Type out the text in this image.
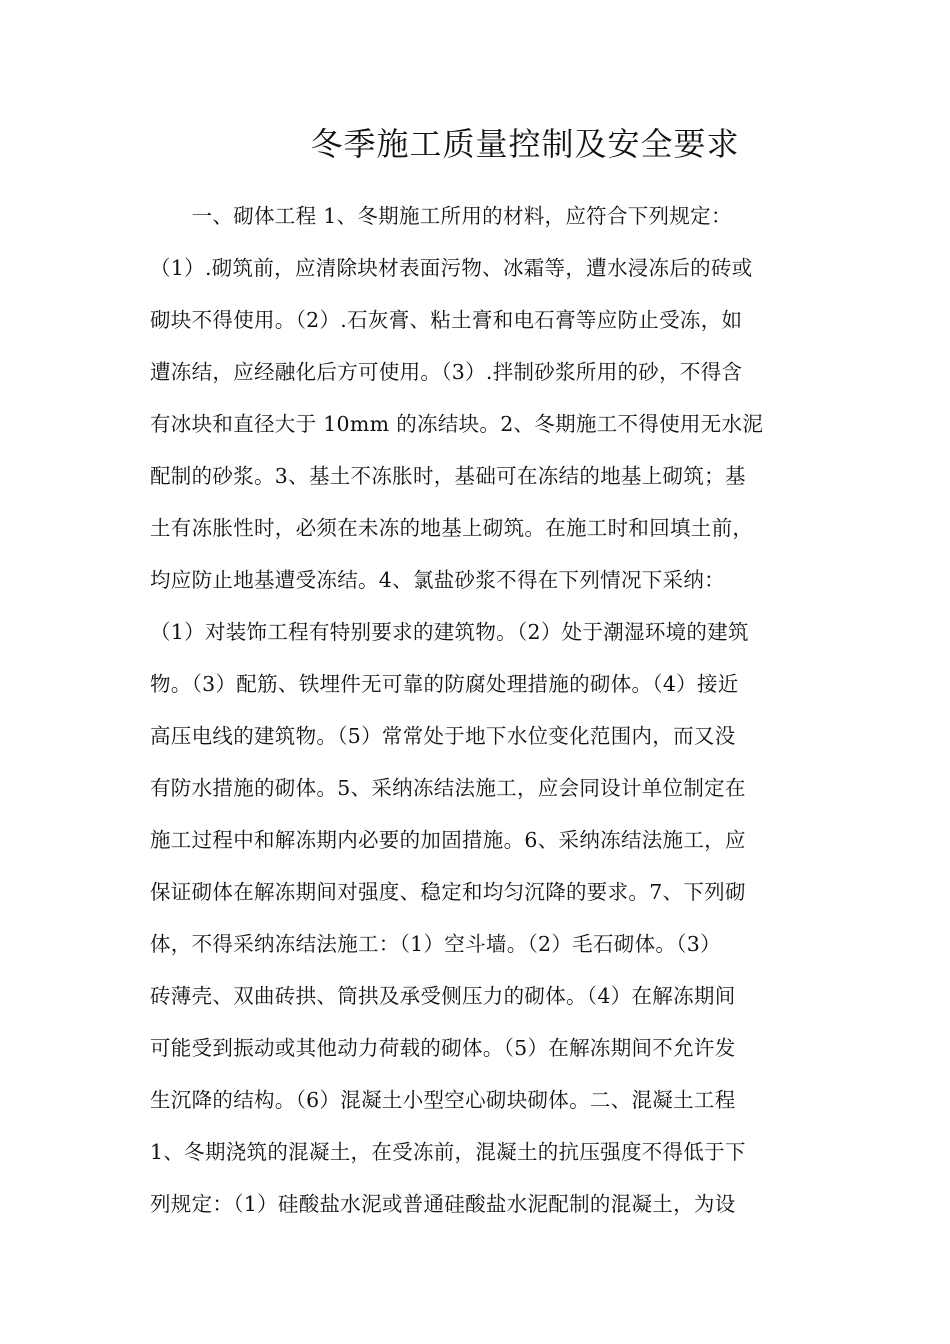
冬季施工质量控制及安全要求
　　一、砌体工程 1、冬期施工所用的材料，应符合下列规定：
（1）.砌筑前，应清除块材表面污物、冰霜等，遭水浸冻后的砖或
砌块不得使用。（2）.石灰膏、粘土膏和电石膏等应防止受冻，如
遭冻结，应经融化后方可使用。（3）.拌制砂浆所用的砂，不得含
有冰块和直径大于 10mm 的冻结块。2、冬期施工不得使用无水泥
配制的砂浆。3、基土不冻胀时，基础可在冻结的地基上砌筑；基
土有冻胀性时，必须在未冻的地基上砌筑。在施工时和回填土前，
均应防止地基遭受冻结。4、氯盐砂浆不得在下列情况下采纳：
（1）对装饰工程有特别要求的建筑物。（2）处于潮湿环境的建筑
物。（3）配筋、铁埋件无可靠的防腐处理措施的砌体。（4）接近
高压电线的建筑物。（5）常常处于地下水位变化范围内，而又没
有防水措施的砌体。5、采纳冻结法施工，应会同设计单位制定在
施工过程中和解冻期内必要的加固措施。6、采纳冻结法施工，应
保证砌体在解冻期间对强度、稳定和均匀沉降的要求。7、下列砌
体，不得采纳冻结法施工：（1）空斗墙。（2）毛石砌体。（3）
砖薄壳、双曲砖拱、筒拱及承受侧压力的砌体。（4）在解冻期间
可能受到振动或其他动力荷载的砌体。（5）在解冻期间不允许发
生沉降的结构。（6）混凝土小型空心砌块砌体。二、混凝土工程
1、冬期浇筑的混凝土，在受冻前，混凝土的抗压强度不得低于下
列规定：（1）硅酸盐水泥或普通硅酸盐水泥配制的混凝土，为设
